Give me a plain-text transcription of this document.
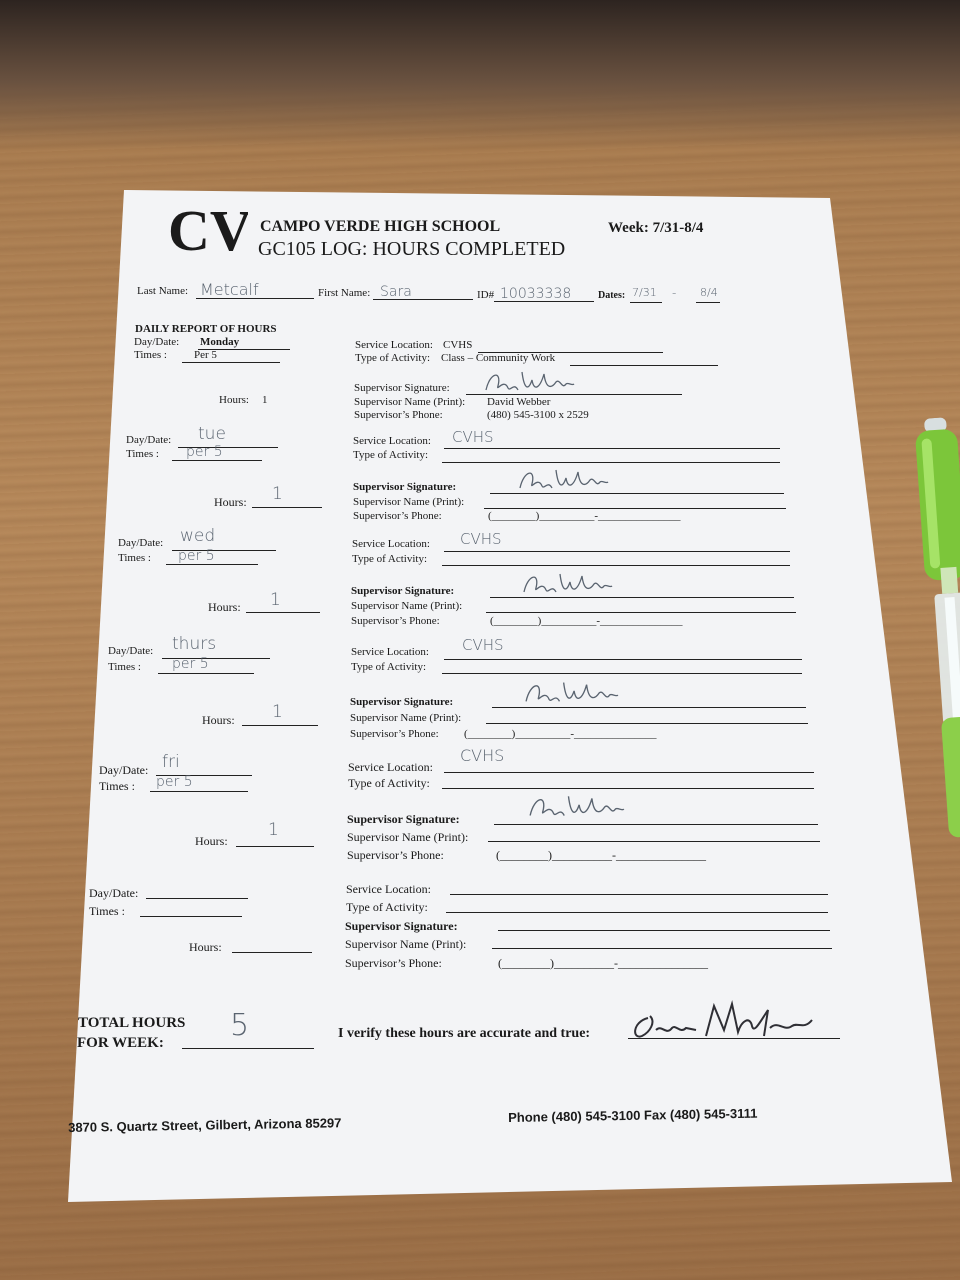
CV CAMPO VERDE HIGH SCHOOL	Week: 7/31-8/4
GC105 LOG: HOURS COMPLETED
Last Name: Metcalf	First Name: Sara	ID# 10033338	Dates: 7/31 - 8/4
DAILY REPORT OF HOURS
Day/Date: Monday
Times : Per 5
Hours: 1
Service Location: CVHS
Type of Activity: Class – Community Work
Supervisor Signature:
Supervisor Name (Print): David Webber
Supervisor’s Phone:	(480) 545-3100 x 2529
Day/Date: tue
Times : per 5
Hours: 1
Service Location: CVHS
Type of Activity:
Supervisor Signature:
Supervisor Name (Print):
Supervisor’s Phone:	(________)__________-_______________
Day/Date: wed
Times : per 5
Hours: 1
Service Location: CVHS
Type of Activity:
Supervisor Signature:
Supervisor Name (Print):
Supervisor’s Phone:	(________)__________-_______________
Day/Date: thurs
Times : per 5
Hours: 1
Service Location: CVHS
Type of Activity:
Supervisor Signature:
Supervisor Name (Print):
Supervisor’s Phone: (________)__________-_______________
Day/Date: fri
Times : per 5
Hours:
1
Service Location:
CVHS
Type of Activity:
Supervisor Signature:
Supervisor Name (Print):
Supervisor’s Phone:	(________)__________-_______________
Day/Date:
Times :
Hours:
Service Location:
Type of Activity:
Supervisor Signature:
Supervisor Name (Print):
Supervisor’s Phone:	(________)__________-_______________
TOTAL HOURS
FOR WEEK: 5	I verify these hours are accurate and true:
3870 S. Quartz Street, Gilbert, Arizona 85297	Phone (480) 545-3100 Fax (480) 545-3111
